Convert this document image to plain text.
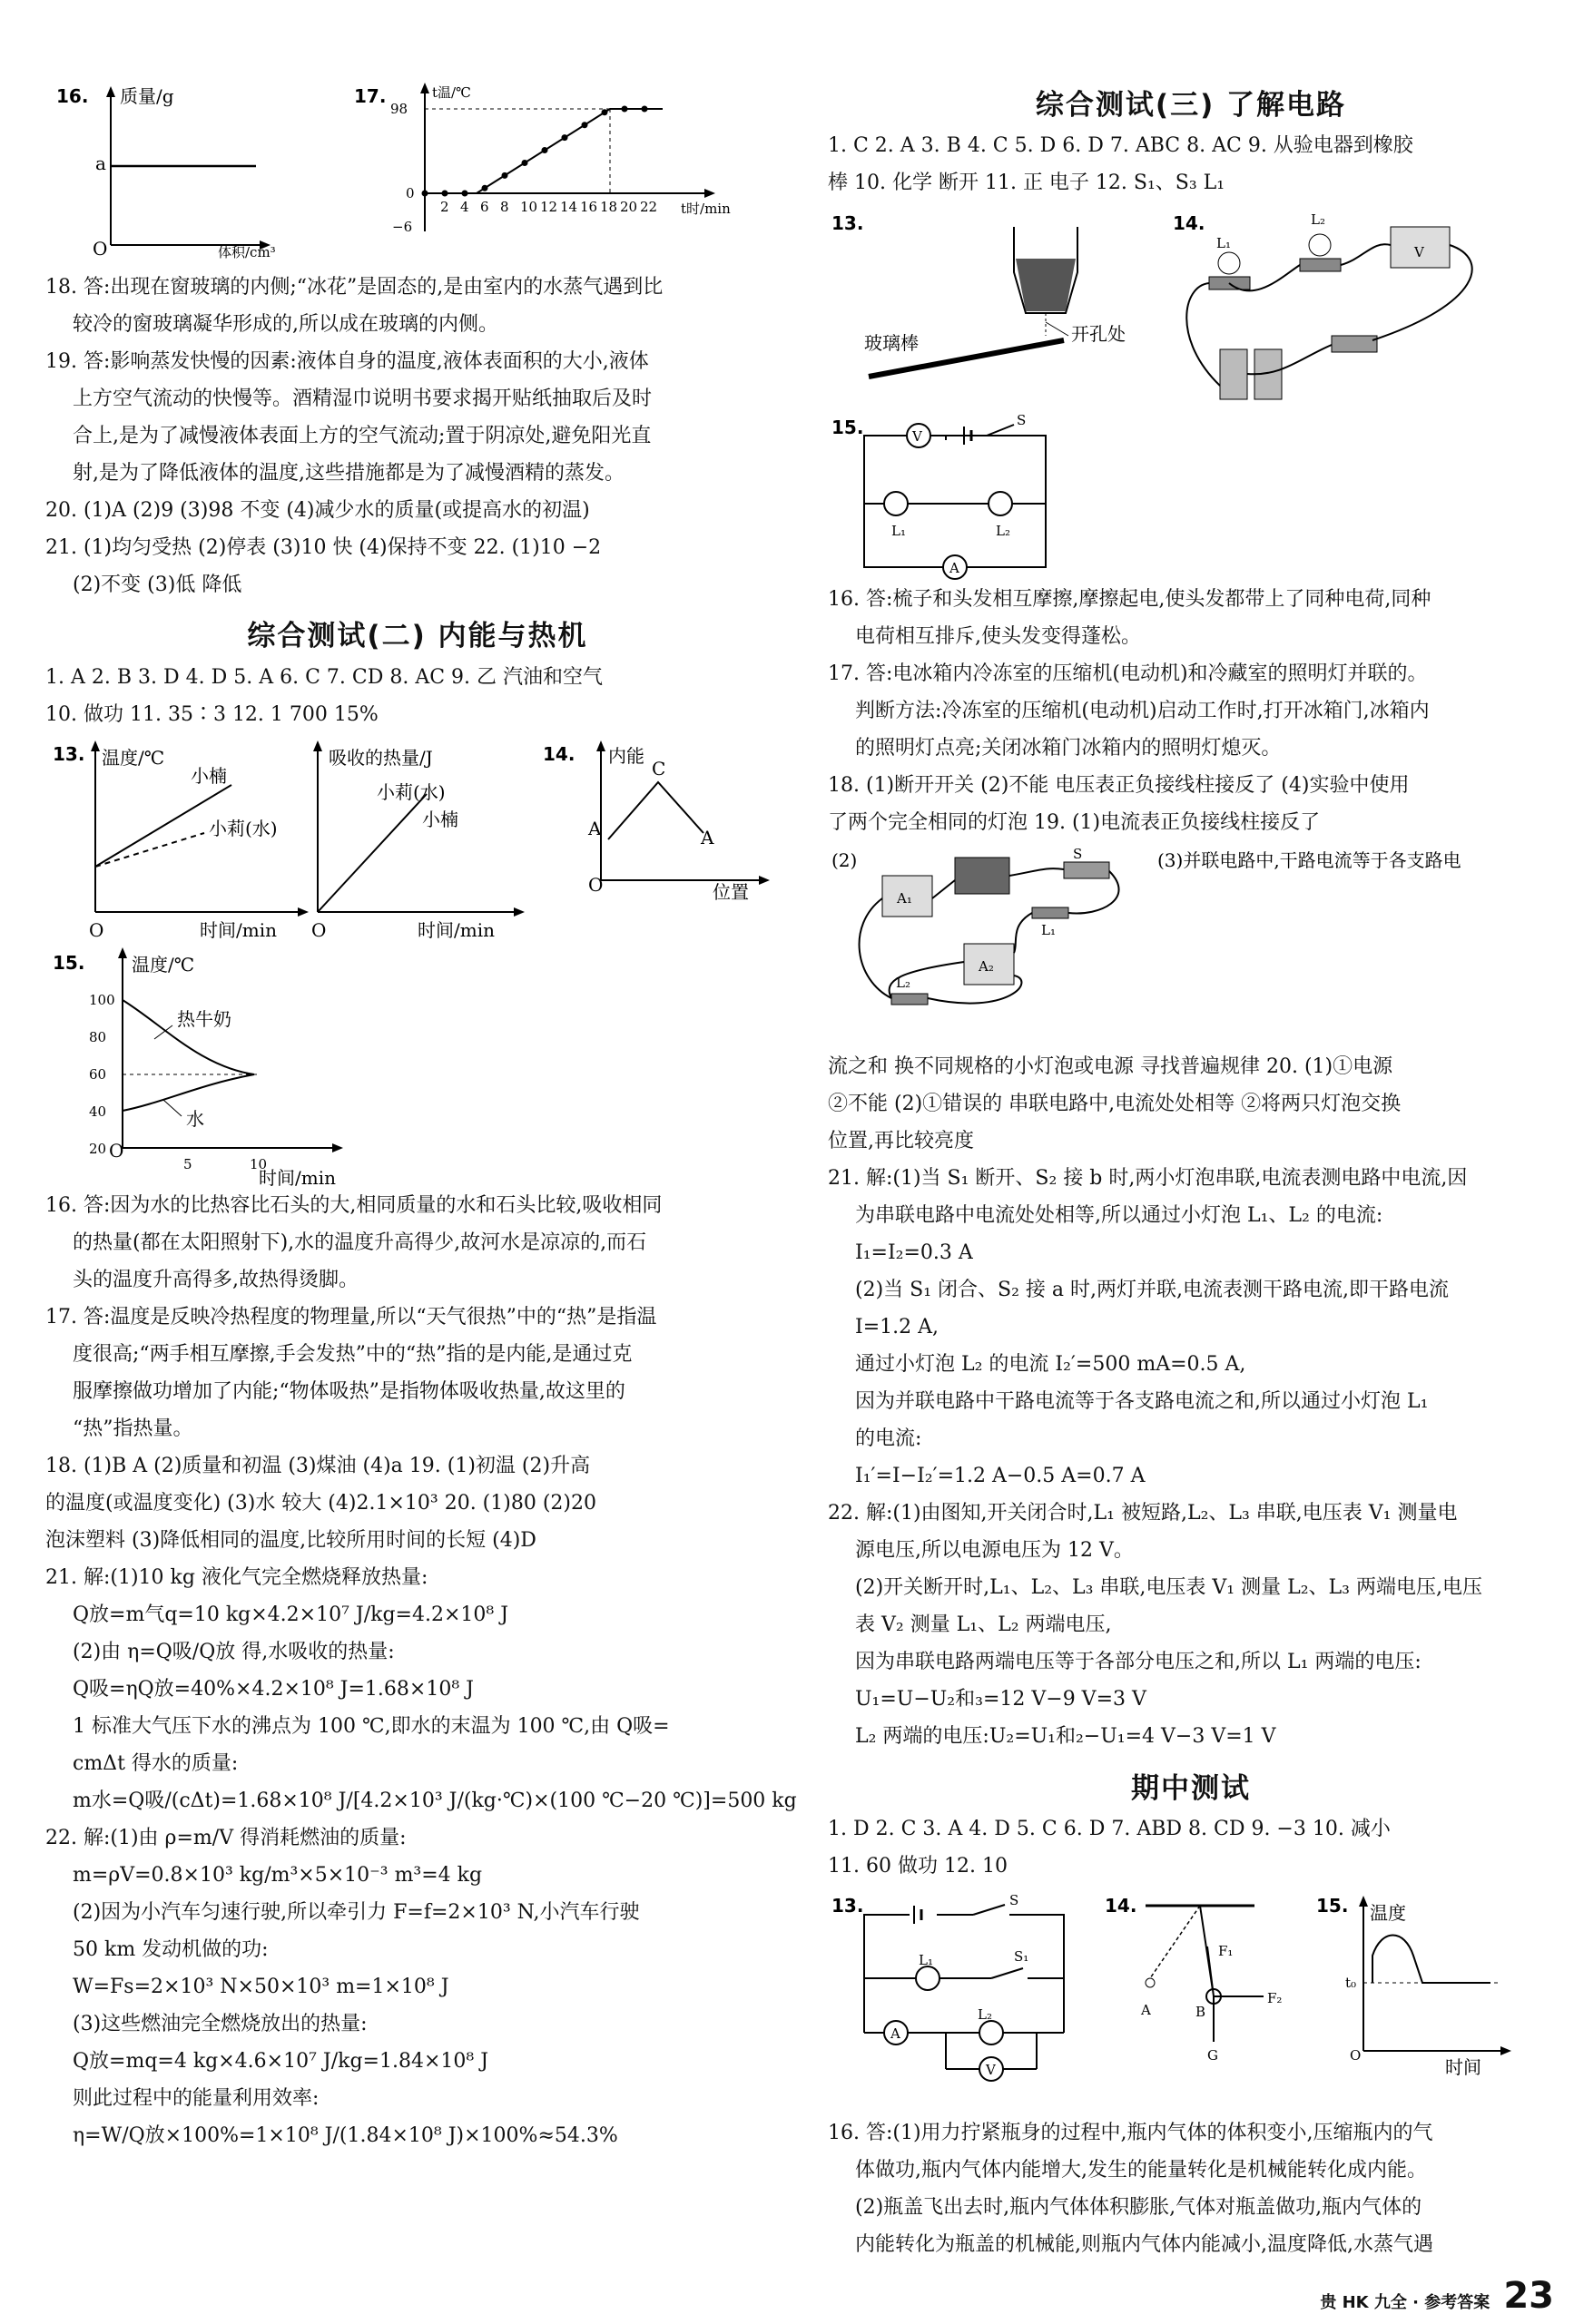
16. 质量/g
a
O	体积/cm³
17.	t温/℃
98
0
−6
2 4 6 8 10 12 14 16 18 20 22 t时/min
18. 答:出现在窗玻璃的内侧;“冰花”是固态的,是由室内的水蒸气遇到比
较冷的窗玻璃凝华形成的,所以成在玻璃的内侧。
19. 答:影响蒸发快慢的因素:液体自身的温度,液体表面积的大小,液体
上方空气流动的快慢等。酒精湿巾说明书要求揭开贴纸抽取后及时
合上,是为了减慢液体表面上方的空气流动;置于阴凉处,避免阳光直
射,是为了降低液体的温度,这些措施都是为了减慢酒精的蒸发。
20. (1)A (2)9 (3)98 不变 (4)减少水的质量(或提高水的初温)
21. (1)均匀受热 (2)停表 (3)10 快 (4)保持不变 22. (1)10 −2
(2)不变 (3)低 降低
综合测试(二) 内能与热机
1. A 2. B 3. D 4. D 5. A 6. C 7. CD 8. AC 9. 乙 汽油和空气
10. 做功 11. 35∶3 12. 1 700 15%
13. 温度/℃
小楠
小莉(水)
O	时间/min
吸收的热量/J
小莉(水)
小楠
O	时间/min
14. 内能
A
C
A
O	位置
15.	温度/℃
100
80
60
40
20
5	10
热牛奶
水
O
时间/min
16. 答:因为水的比热容比石头的大,相同质量的水和石头比较,吸收相同
的热量(都在太阳照射下),水的温度升高得少,故河水是凉凉的,而石
头的温度升高得多,故热得烫脚。
17. 答:温度是反映冷热程度的物理量,所以“天气很热”中的“热”是指温
度很高;“两手相互摩擦,手会发热”中的“热”指的是内能,是通过克
服摩擦做功增加了内能;“物体吸热”是指物体吸收热量,故这里的
“热”指热量。
18. (1)B A (2)质量和初温 (3)煤油 (4)a 19. (1)初温 (2)升高
的温度(或温度变化) (3)水 较大 (4)2.1×10³ 20. (1)80 (2)20
泡沫塑料 (3)降低相同的温度,比较所用时间的长短 (4)D
21. 解:(1)10 kg 液化气完全燃烧释放热量:
Q放=m气q=10 kg×4.2×10⁷ J/kg=4.2×10⁸ J
(2)由 η=Q吸/Q放 得,水吸收的热量:
Q吸=ηQ放=40%×4.2×10⁸ J=1.68×10⁸ J
1 标准大气压下水的沸点为 100 ℃,即水的末温为 100 ℃,由 Q吸=
cmΔt 得水的质量:
m水=Q吸/(cΔt)=1.68×10⁸ J/[4.2×10³ J/(kg·℃)×(100 ℃−20 ℃)]=500 kg
22. 解:(1)由 ρ=m/V 得消耗燃油的质量:
m=ρV=0.8×10³ kg/m³×5×10⁻³ m³=4 kg
(2)因为小汽车匀速行驶,所以牵引力 F=f=2×10³ N,小汽车行驶
50 km 发动机做的功:
W=Fs=2×10³ N×50×10³ m=1×10⁸ J
(3)这些燃油完全燃烧放出的热量:
Q放=mq=4 kg×4.6×10⁷ J/kg=1.84×10⁸ J
则此过程中的能量利用效率:
η=W/Q放×100%=1×10⁸ J/(1.84×10⁸ J)×100%≈54.3%
综合测试(三) 了解电路
1. C 2. A 3. B 4. C 5. D 6. D 7. ABC 8. AC 9. 从验电器到橡胶
棒 10. 化学 断开 11. 正 电子 12. S₁、S₃ L₁
13.
玻璃棒	开孔处
14.
L₁
L₂
V
15.	V
S
L₁	L₂
A
16. 答:梳子和头发相互摩擦,摩擦起电,使头发都带上了同种电荷,同种
电荷相互排斥,使头发变得蓬松。
17. 答:电冰箱内冷冻室的压缩机(电动机)和冷藏室的照明灯并联的。
判断方法:冷冻室的压缩机(电动机)启动工作时,打开冰箱门,冰箱内
的照明灯点亮;关闭冰箱门冰箱内的照明灯熄灭。
18. (1)断开开关 (2)不能 电压表正负接线柱接反了 (4)实验中使用
了两个完全相同的灯泡 19. (1)电流表正负接线柱接反了
(2)	(3)并联电路中,干路电流等于各支路电
A₁
S
L₁
A₂
L₂
流之和 换不同规格的小灯泡或电源 寻找普遍规律 20. (1)①电源
②不能 (2)①错误的 串联电路中,电流处处相等 ②将两只灯泡交换
位置,再比较亮度
21. 解:(1)当 S₁ 断开、S₂ 接 b 时,两小灯泡串联,电流表测电路中电流,因
为串联电路中电流处处相等,所以通过小灯泡 L₁、L₂ 的电流:
I₁=I₂=0.3 A
(2)当 S₁ 闭合、S₂ 接 a 时,两灯并联,电流表测干路电流,即干路电流
I=1.2 A,
通过小灯泡 L₂ 的电流 I₂′=500 mA=0.5 A,
因为并联电路中干路电流等于各支路电流之和,所以通过小灯泡 L₁
的电流:
I₁′=I−I₂′=1.2 A−0.5 A=0.7 A
22. 解:(1)由图知,开关闭合时,L₁ 被短路,L₂、L₃ 串联,电压表 V₁ 测量电
源电压,所以电源电压为 12 V。
(2)开关断开时,L₁、L₂、L₃ 串联,电压表 V₁ 测量 L₂、L₃ 两端电压,电压
表 V₂ 测量 L₁、L₂ 两端电压,
因为串联电路两端电压等于各部分电压之和,所以 L₁ 两端的电压:
U₁=U−U₂和₃=12 V−9 V=3 V
L₂ 两端的电压:U₂=U₁和₂−U₁=4 V−3 V=1 V
期中测试
1. D 2. C 3. A 4. D 5. C 6. D 7. ABD 8. CD 9. −3 10. 减小
11. 60 做功 12. 10
13.	S
L₁	S₁
A
L₂
V
14.
A	B
F₁
F₂
G
15. 温度
t₀
O
时间
16. 答:(1)用力拧紧瓶身的过程中,瓶内气体的体积变小,压缩瓶内的气
体做功,瓶内气体内能增大,发生的能量转化是机械能转化成内能。
(2)瓶盖飞出去时,瓶内气体体积膨胀,气体对瓶盖做功,瓶内气体的
内能转化为瓶盖的机械能,则瓶内气体内能减小,温度降低,水蒸气遇
贵 HK 九全 · 参考答案 23
